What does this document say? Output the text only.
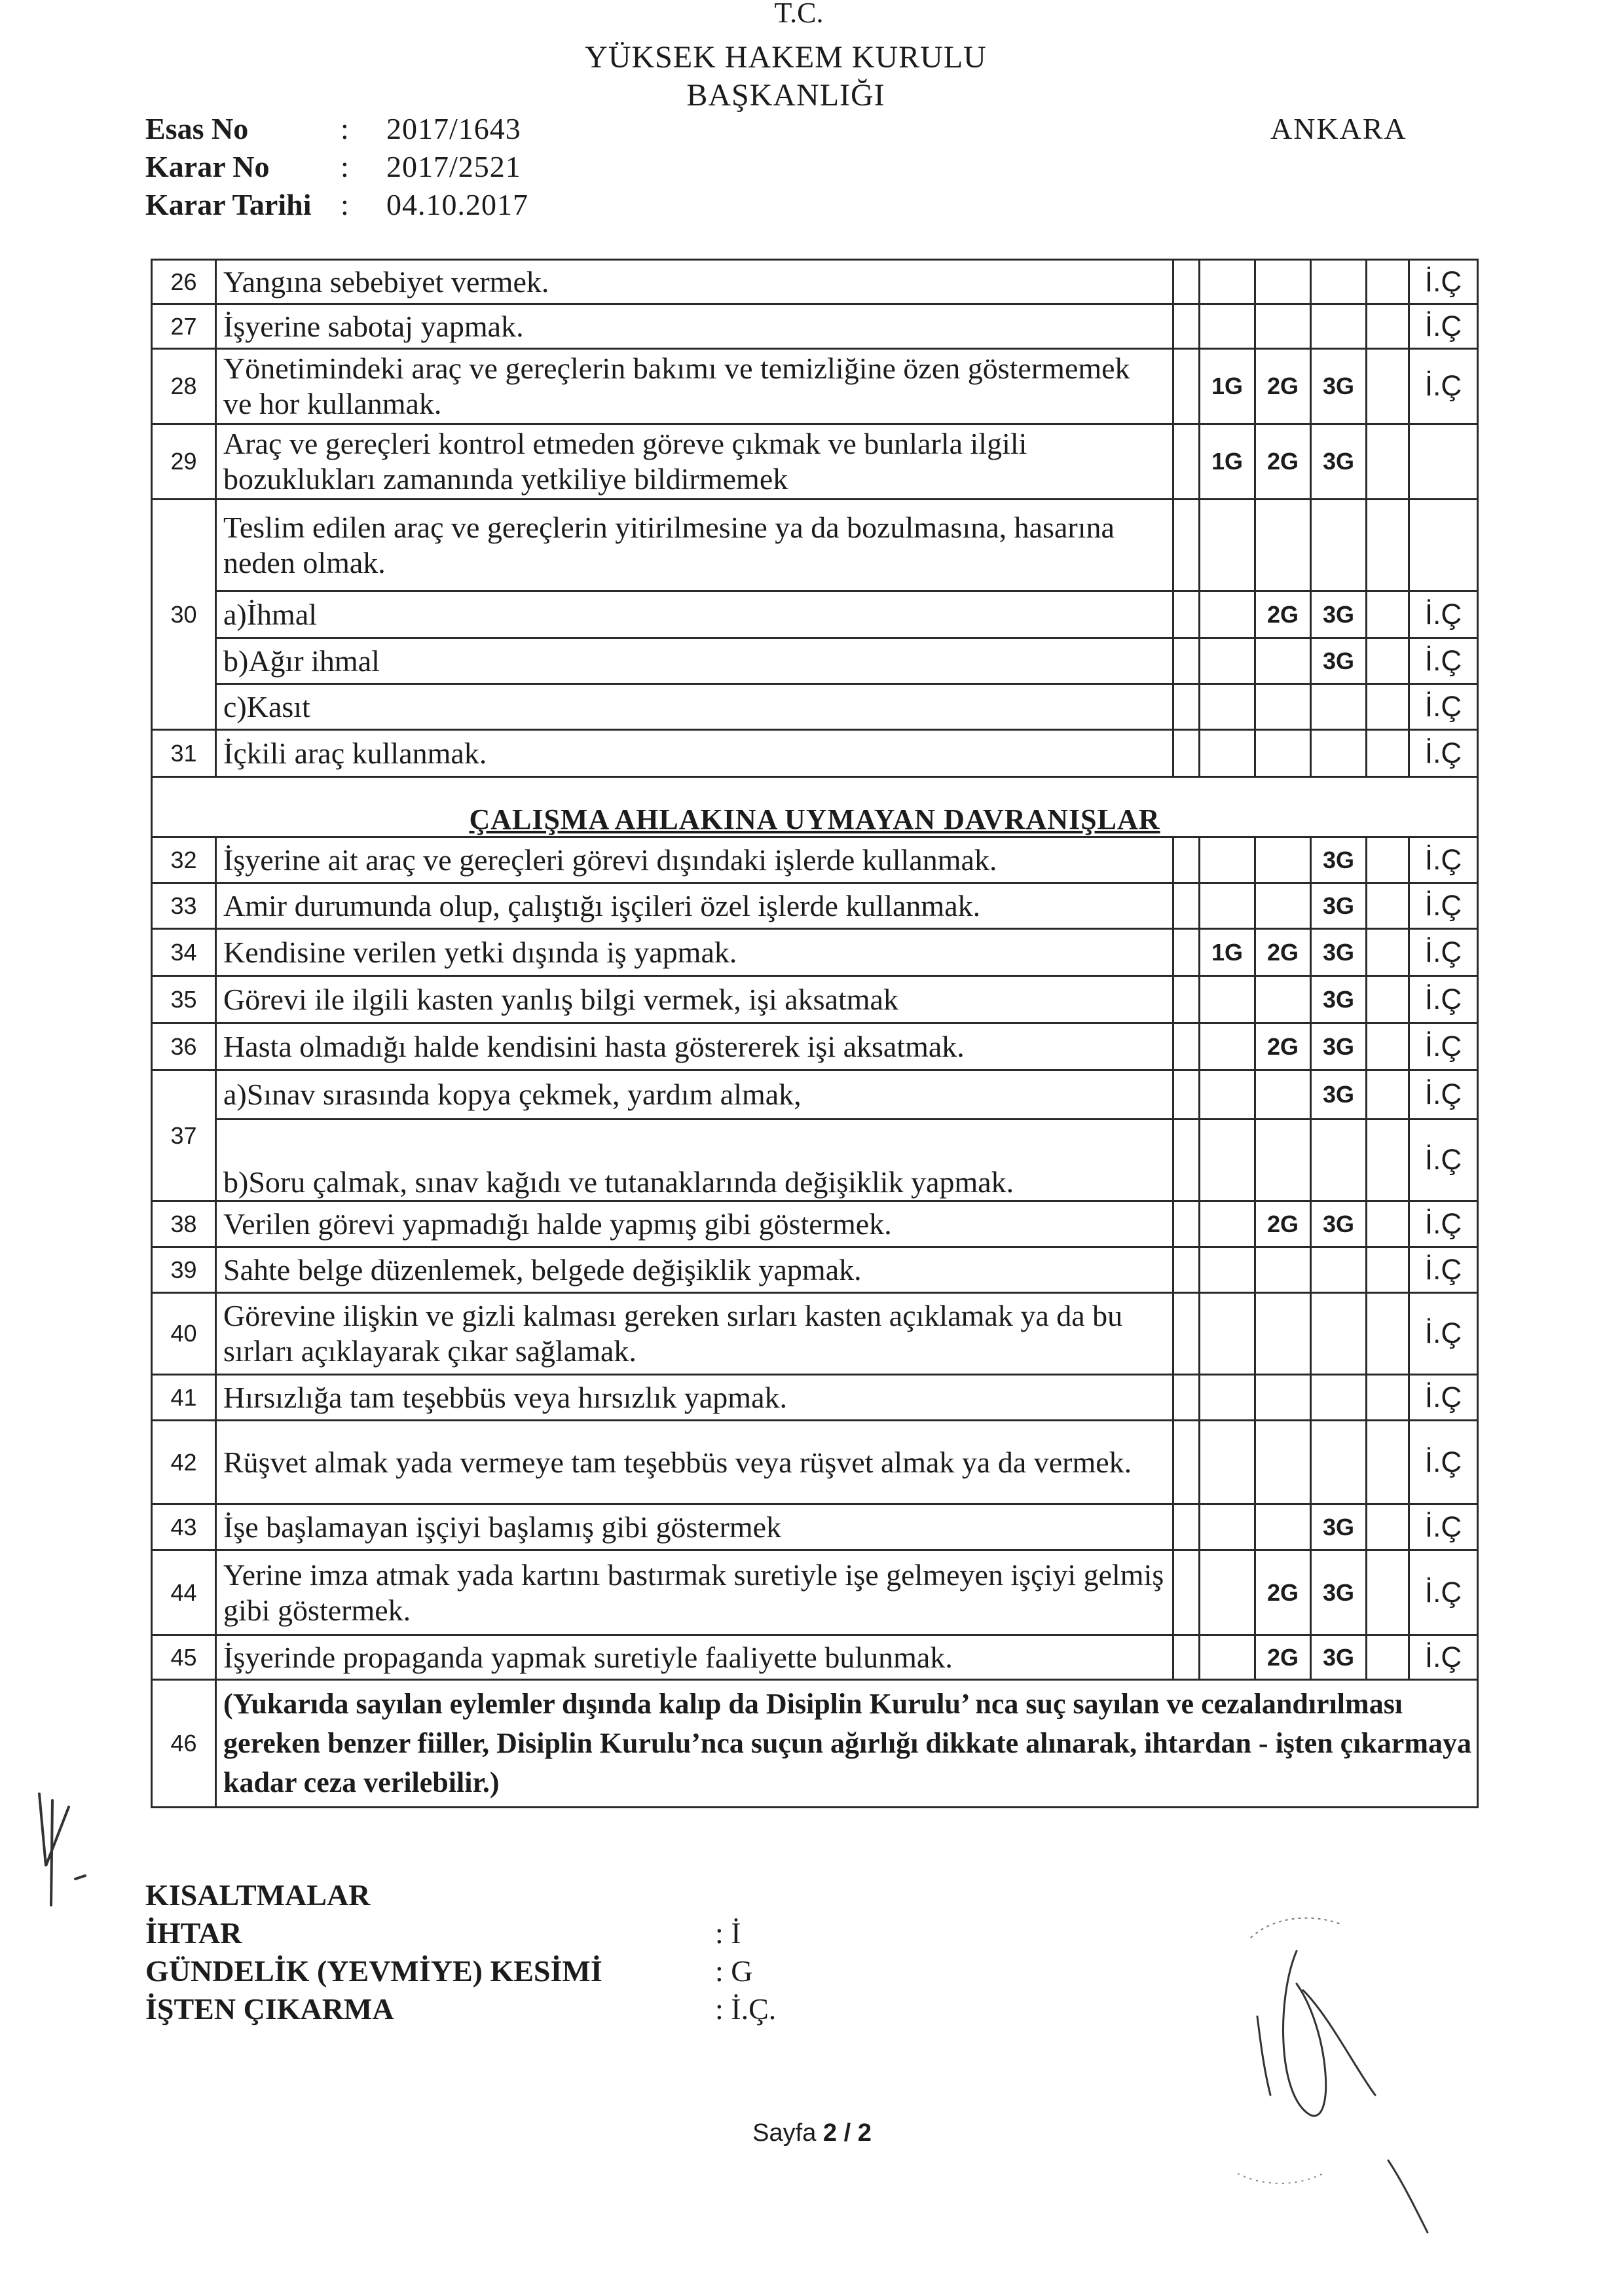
T.C.
YÜKSEK HAKEM KURULU
BAŞKANLIĞI
ANKARA
Esas No	:	2017/1643
Karar No	:	2017/2521
Karar Tarihi :	04.10.2017
26	Yangına sebebiyet vermek.						İ.Ç
27	İşyerine sabotaj yapmak.						İ.Ç
28	Yönetimindeki araç ve gereçlerin bakımı ve temizliğine özen göstermemek ve hor kullanmak.		1G	2G	3G		İ.Ç
29	Araç ve gereçleri kontrol etmeden göreve çıkmak ve bunlarla ilgili bozuklukları zamanında yetkiliye bildirmemek		1G	2G	3G		
30	Teslim edilen araç ve gereçlerin yitirilmesine ya da bozulmasına, hasarına neden olmak.						
	a)İhmal			2G	3G		İ.Ç
	b)Ağır ihmal				3G		İ.Ç
	c)Kasıt						İ.Ç
31	İçkili araç kullanmak.						İ.Ç
ÇALIŞMA AHLAKINA UYMAYAN DAVRANIŞLAR							
32	İşyerine ait araç ve gereçleri görevi dışındaki işlerde kullanmak.				3G		İ.Ç
33	Amir durumunda olup, çalıştığı işçileri özel işlerde kullanmak.				3G		İ.Ç
34	Kendisine verilen yetki dışında iş yapmak.		1G	2G	3G		İ.Ç
35	Görevi ile ilgili kasten yanlış bilgi vermek, işi aksatmak				3G		İ.Ç
36	Hasta olmadığı halde kendisini hasta göstererek işi aksatmak.			2G	3G		İ.Ç
37	a)Sınav sırasında kopya çekmek, yardım almak,				3G		İ.Ç
	b)Soru çalmak, sınav kağıdı ve tutanaklarında değişiklik yapmak.						İ.Ç
38	Verilen görevi yapmadığı halde yapmış gibi göstermek.			2G	3G		İ.Ç
39	Sahte belge düzenlemek, belgede değişiklik yapmak.						İ.Ç
40	Görevine ilişkin ve gizli kalması gereken sırları kasten açıklamak ya da bu sırları açıklayarak çıkar sağlamak.						İ.Ç
41	Hırsızlığa tam teşebbüs veya hırsızlık yapmak.						İ.Ç
42	Rüşvet almak yada vermeye tam teşebbüs veya rüşvet almak ya da vermek.						İ.Ç
43	İşe başlamayan işçiyi başlamış gibi göstermek				3G		İ.Ç
44	Yerine imza atmak yada kartını bastırmak suretiyle işe gelmeyen işçiyi gelmiş gibi göstermek.			2G	3G		İ.Ç
45	İşyerinde propaganda yapmak suretiyle faaliyette bulunmak.			2G	3G		İ.Ç
46	(Yukarıda sayılan eylemler dışında kalıp da Disiplin Kurulu’ nca suç sayılan ve cezalandırılması gereken benzer fiiller, Disiplin Kurulu’nca suçun ağırlığı dikkate alınarak, ihtardan - işten çıkarmaya kadar ceza verilebilir.)						
KISALTMALAR
İHTAR	: İ
GÜNDELİK (YEVMİYE) KESİMİ	: G
İŞTEN ÇIKARMA	: İ.Ç.
Sayfa 2 / 2
